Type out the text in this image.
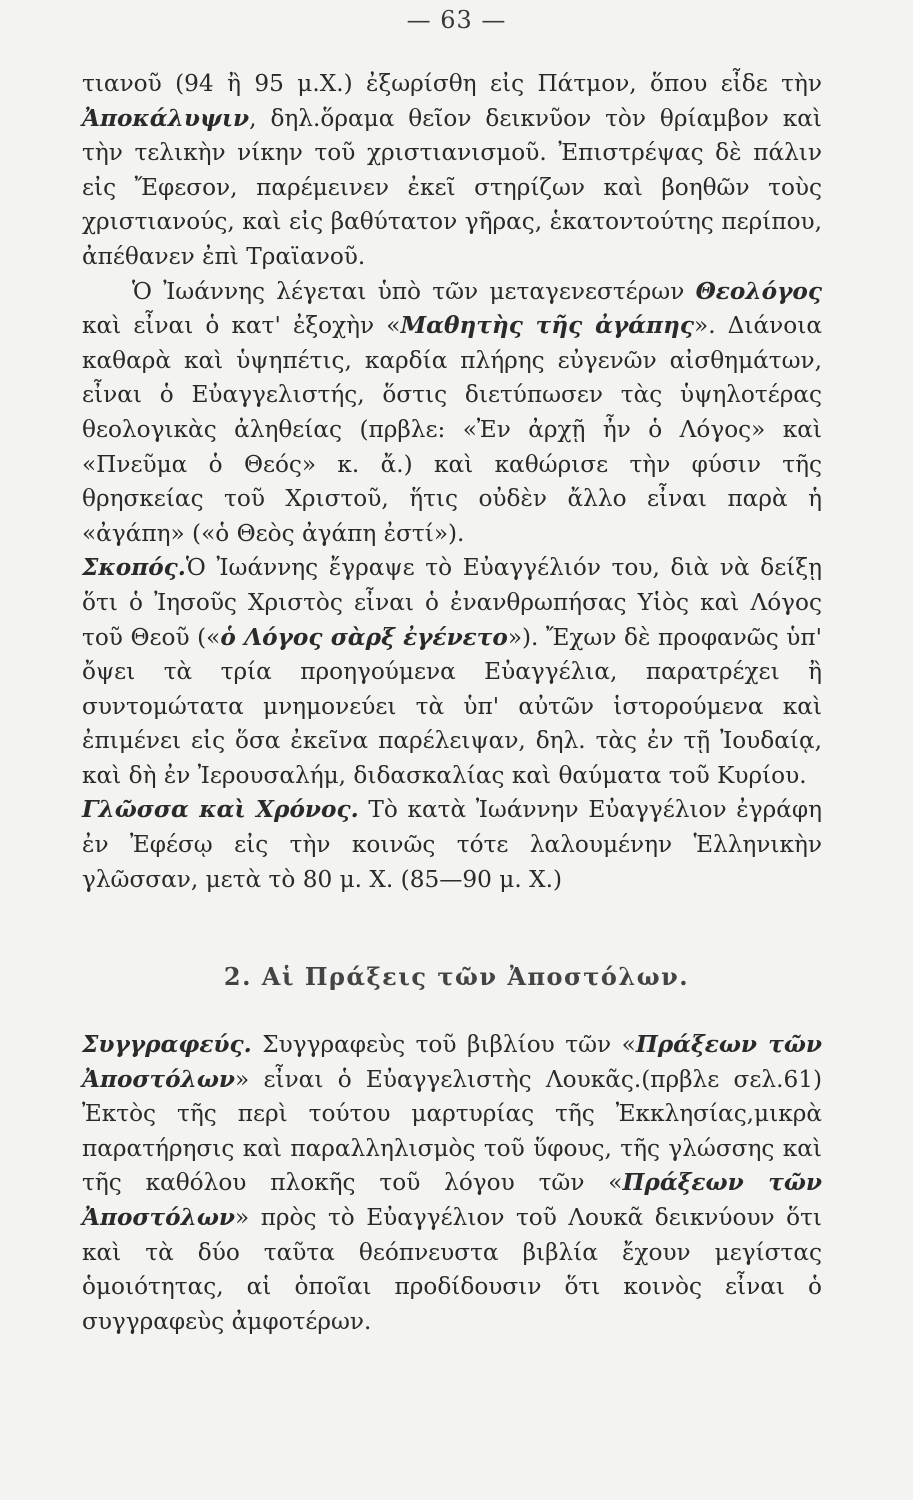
— 63 —

τιανοῦ (94 ἢ 95 μ.Χ.) ἐξωρίσθη εἰς Πάτμον, ὅπου εἶδε τὴν Ἀποκάλυψιν, δηλ.ὅραμα θεῖον δεικνῦον τὸν θρίαμβον καὶ τὴν τελικὴν νίκην τοῦ χριστιανισμοῦ. Ἐπιστρέψας δὲ πάλιν εἰς Ἔφεσον, παρέμεινεν ἐκεῖ στηρίζων καὶ βοηθῶν τοὺς χριστιανούς, καὶ εἰς βαθύτατον γῆρας, ἑκατοντούτης περίπου, ἀπέθανεν ἐπὶ Τραϊανοῦ.

Ὁ Ἰωάννης λέγεται ὑπὸ τῶν μεταγενεστέρων Θεολόγος καὶ εἶναι ὁ κατ' ἐξοχὴν «Μαθητὴς τῆς ἀγάπης». Διάνοια καθαρὰ καὶ ὑψηπέτις, καρδία πλήρης εὐγενῶν αἰσθημάτων, εἶναι ὁ Εὐαγγελιστής, ὅστις διετύπωσεν τὰς ὑψηλοτέρας θεολογικὰς ἀληθείας (πρβλε: «Ἐν ἀρχῇ ἦν ὁ Λόγος» καὶ «Πνεῦμα ὁ Θεός» κ. ἄ.) καὶ καθώρισε τὴν φύσιν τῆς θρησκείας τοῦ Χριστοῦ, ἥτις οὐδὲν ἄλλο εἶναι παρὰ ἡ «ἀγάπη» («ὁ Θεὸς ἀγάπη ἐστί»).

Σκοπός.Ὁ Ἰωάννης ἔγραψε τὸ Εὐαγγέλιόν του, διὰ νὰ δείξῃ ὅτι ὁ Ἰησοῦς Χριστὸς εἶναι ὁ ἐνανθρωπήσας Υἱὸς καὶ Λόγος τοῦ Θεοῦ («ὁ Λόγος σὰρξ ἐγένετο»). Ἔχων δὲ προφανῶς ὑπ' ὄψει τὰ τρία προηγούμενα Εὐαγγέλια, παρατρέχει ἢ συντομώτατα μνημονεύει τὰ ὑπ' αὐτῶν ἱστορούμενα καὶ ἐπιμένει εἰς ὅσα ἐκεῖνα παρέλειψαν, δηλ. τὰς ἐν τῇ Ἰουδαίᾳ, καὶ δὴ ἐν Ἰερουσαλήμ, διδασκαλίας καὶ θαύματα τοῦ Κυρίου.

Γλῶσσα καὶ Χρόνος. Τὸ κατὰ Ἰωάννην Εὐαγγέλιον ἐγράφη ἐν Ἐφέσῳ εἰς τὴν κοινῶς τότε λαλουμένην Ἑλληνικὴν γλῶσσαν, μετὰ τὸ 80 μ. Χ. (85—90 μ. Χ.)

2. Αἱ Πράξεις τῶν Ἀποστόλων.

Συγγραφεύς. Συγγραφεὺς τοῦ βιβλίου τῶν «Πράξεων τῶν Ἀποστόλων» εἶναι ὁ Εὐαγγελιστὴς Λουκᾶς.(πρβλε σελ.61) Ἐκτὸς τῆς περὶ τούτου μαρτυρίας τῆς Ἐκκλησίας,μικρὰ παρατήρησις καὶ παραλληλισμὸς τοῦ ὕφους, τῆς γλώσσης καὶ τῆς καθόλου πλοκῆς τοῦ λόγου τῶν «Πράξεων τῶν Ἀποστόλων» πρὸς τὸ Εὐαγγέλιον τοῦ Λουκᾶ δεικνύουν ὅτι καὶ τὰ δύο ταῦτα θεόπνευστα βιβλία ἔχουν μεγίστας ὁμοιότητας, αἱ ὁποῖαι προδίδουσιν ὅτι κοινὸς εἶναι ὁ συγγραφεὺς ἀμφοτέρων.
